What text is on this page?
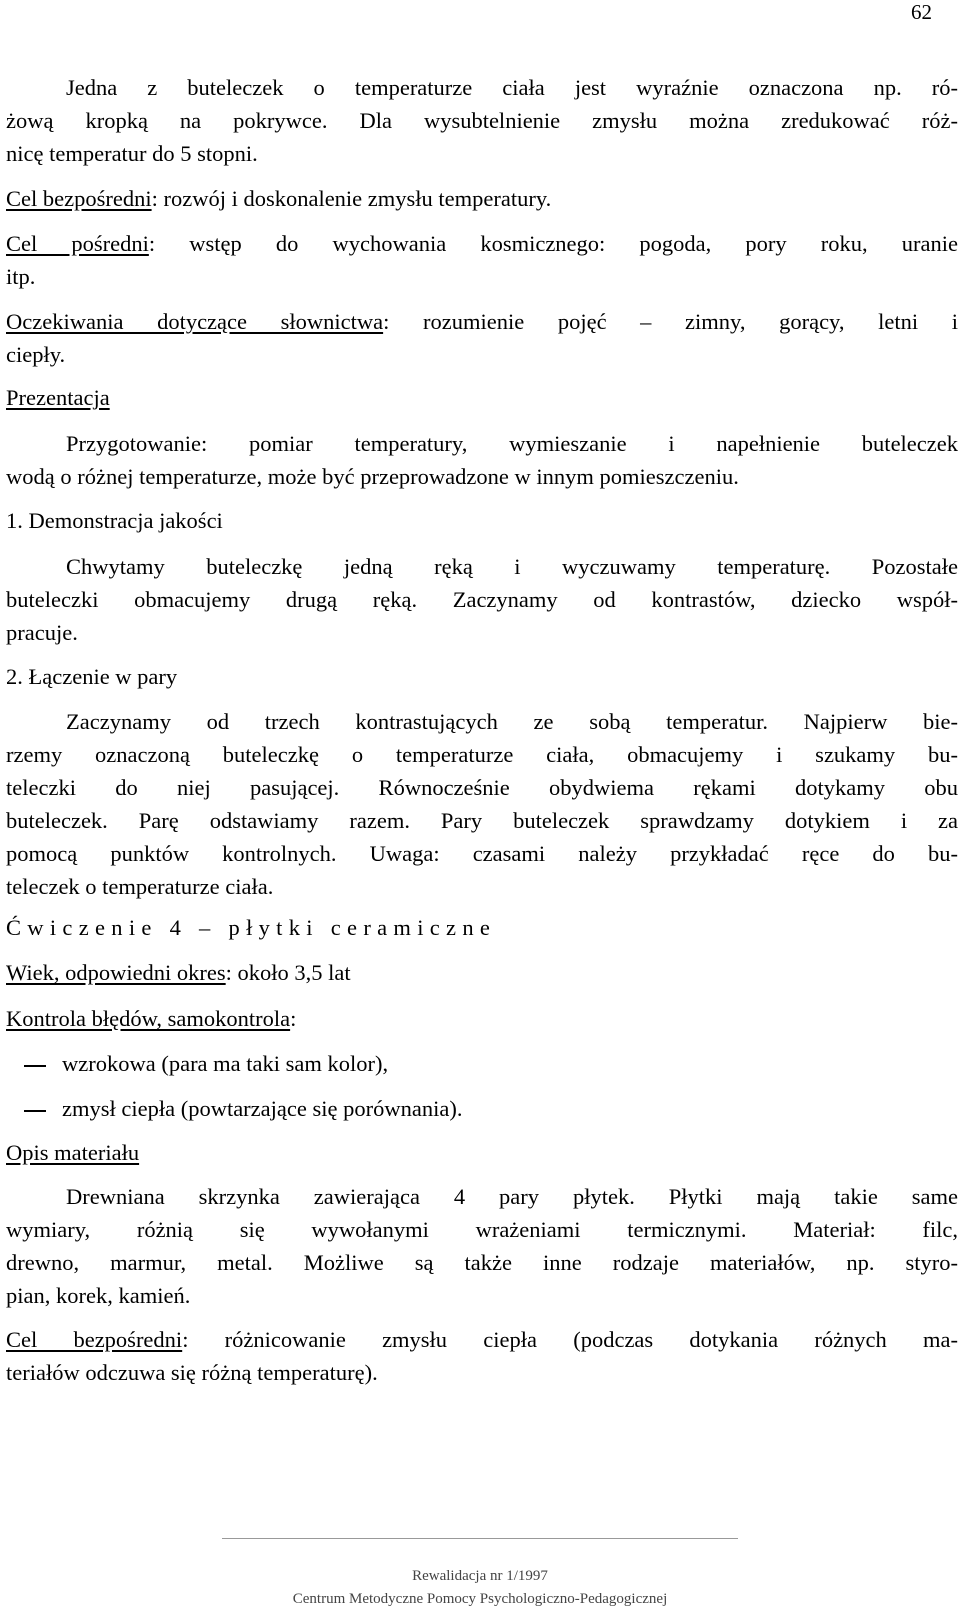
62
Jedna z buteleczek o temperaturze ciała jest wyraźnie oznaczona np. ró-
żową kropką na pokrywce. Dla wysubtelnienie zmysłu można zredukować róż-
nicę temperatur do 5 stopni.
Cel bezpośredni: rozwój i doskonalenie zmysłu temperatury.
Cel pośredni: wstęp do wychowania kosmicznego: pogoda, pory roku, uranie
itp.
Oczekiwania dotyczące słownictwa: rozumienie pojęć – zimny, gorący, letni i
ciepły.
Prezentacja
Przygotowanie: pomiar temperatury, wymieszanie i napełnienie buteleczek
wodą o różnej temperaturze, może być przeprowadzone w innym pomieszczeniu.
1. Demonstracja jakości
Chwytamy buteleczkę jedną ręką i wyczuwamy temperaturę. Pozostałe
buteleczki obmacujemy drugą ręką. Zaczynamy od kontrastów, dziecko współ-
pracuje.
2. Łączenie w pary
Zaczynamy od trzech kontrastujących ze sobą temperatur. Najpierw bie-
rzemy oznaczoną buteleczkę o temperaturze ciała, obmacujemy i szukamy bu-
teleczki do niej pasującej. Równocześnie obydwiema rękami dotykamy obu
buteleczek. Parę odstawiamy razem. Pary buteleczek sprawdzamy dotykiem i za
pomocą punktów kontrolnych. Uwaga: czasami należy przykładać ręce do bu-
teleczek o temperaturze ciała.
Ćwiczenie 4 – płytki ceramiczne
Wiek, odpowiedni okres: około 3,5 lat
Kontrola błędów, samokontrola:
wzrokowa (para ma taki sam kolor),
zmysł ciepła (powtarzające się porównania).
Opis materiału
Drewniana skrzynka zawierająca 4 pary płytek. Płytki mają takie same
wymiary, różnią się wywołanymi wrażeniami termicznymi. Materiał: filc,
drewno, marmur, metal. Możliwe są także inne rodzaje materiałów, np. styro-
pian, korek, kamień.
Cel bezpośredni: różnicowanie zmysłu ciepła (podczas dotykania różnych ma-
teriałów odczuwa się różną temperaturę).
Rewalidacja nr 1/1997
Centrum Metodyczne Pomocy Psychologiczno-Pedagogicznej
